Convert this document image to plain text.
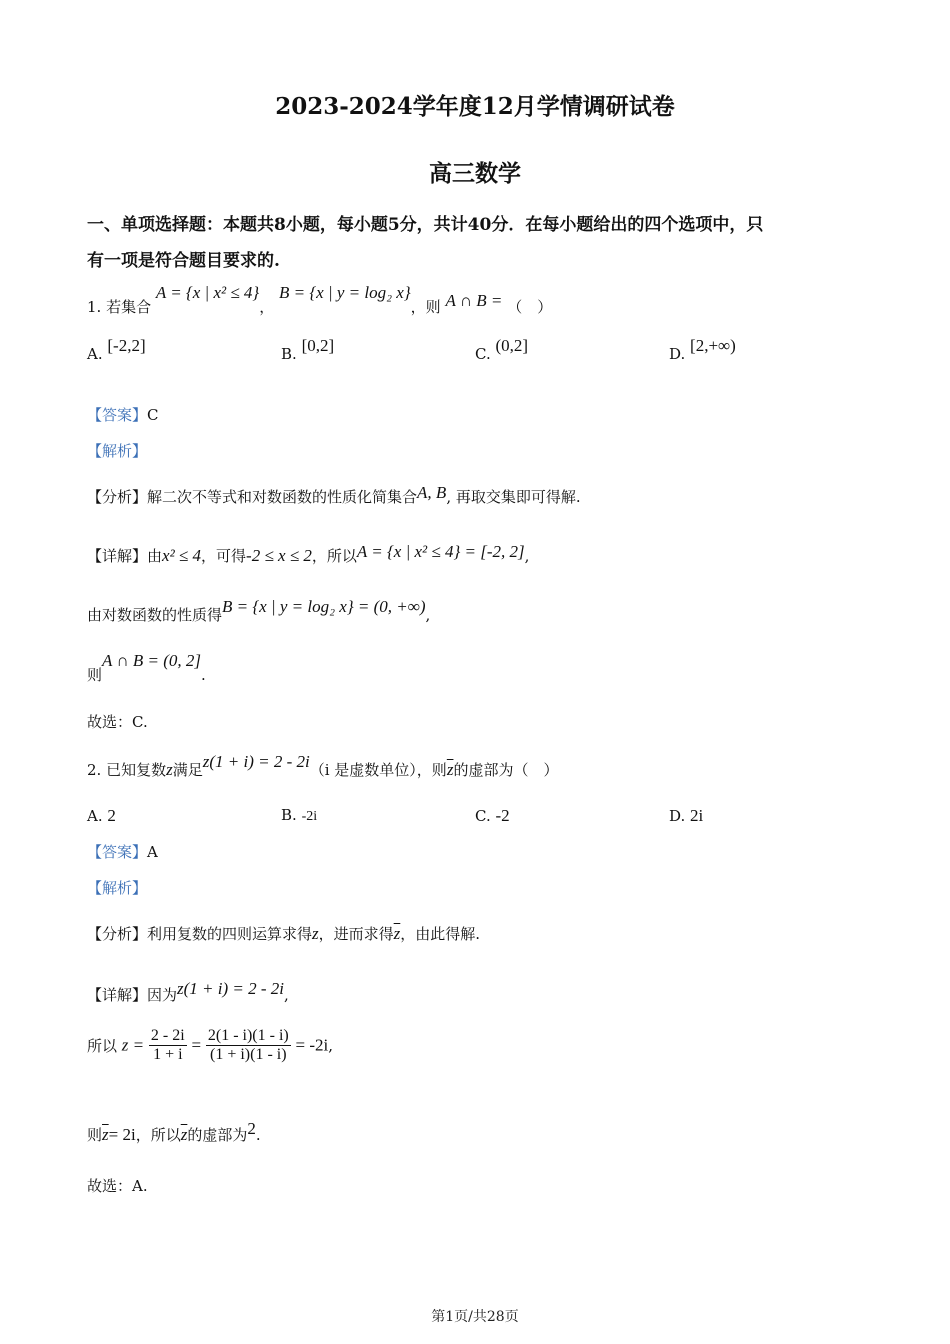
2023-2024学年度12月学情调研试卷
高三数学
一、单项选择题：本题共8小题，每小题5分，共计40分．在每小题给出的四个选项中，只
有一项是符合题目要求的.
1. 若集合 A = {x | x² ≤ 4}， B = {x | y = log₂ x}，则 A ∩ B = （　）
A. [-2,2]	B. [0,2]	C. (0,2]	D. [2,+∞)
【答案】C
【解析】
【分析】解二次不等式和对数函数的性质化简集合A, B, 再取交集即可得解.
【详解】由x² ≤ 4，可得-2 ≤ x ≤ 2，所以A = {x | x² ≤ 4} = [-2, 2],
由对数函数的性质得B = {x | y = log₂ x} = (0, +∞),
则A ∩ B = (0, 2].
故选：C.
2. 已知复数z满足z(1 + i) = 2 - 2i（i 是虚数单位），则$\overline{z}$的虚部为（　）
A. 2	B. -2i	C. -2	D. 2i
【答案】A
【解析】
【分析】利用复数的四则运算求得z，进而求得$\overline{z}$，由此得解.
【详解】因为z(1 + i) = 2 - 2i,
所以 $z = \frac{2 - 2i}{1 + i} = \frac{2(1 - i)(1 - i)}{(1 + i)(1 - i)} = -2i$,
则$\overline{z}= 2i$，所以$\overline{z}$的虚部为2.
故选：A.
第1页/共28页
